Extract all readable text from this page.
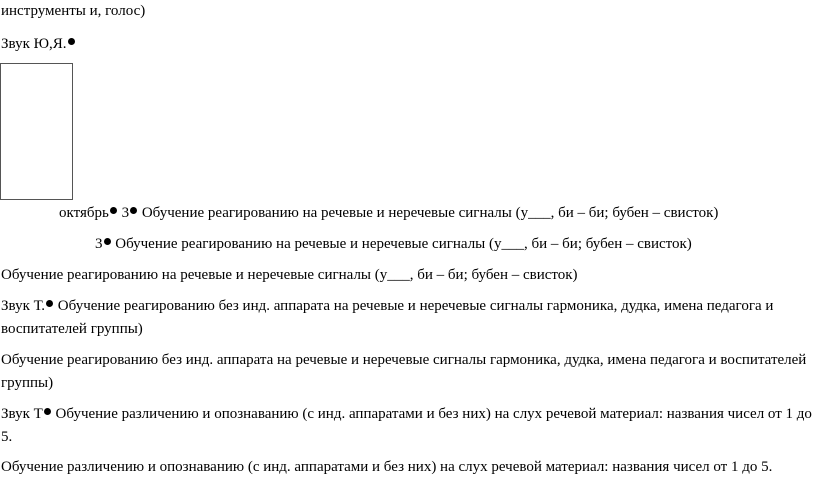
инструменты и, голос)
Звук Ю,Я.
октябрь 3 Обучение реагированию на речевые и неречевые сигналы (у___, би – би; бубен – свисток)
3 Обучение реагированию на речевые и неречевые сигналы (у___, би – би; бубен – свисток)
Обучение реагированию на речевые и неречевые сигналы (у___, би – би; бубен – свисток)
Звук Т. Обучение реагированию без инд. аппарата на речевые и неречевые сигналы гармоника, дудка, имена педагога и воспитателей группы)
Обучение реагированию без инд. аппарата на речевые и неречевые сигналы гармоника, дудка, имена педагога и воспитателей группы)
Звук Т Обучение различению и опознаванию (с инд. аппаратами и без них) на слух речевой материал: названия чисел от 1 до 5.
Обучение различению и опознаванию (с инд. аппаратами и без них) на слух речевой материал: названия чисел от 1 до 5.
